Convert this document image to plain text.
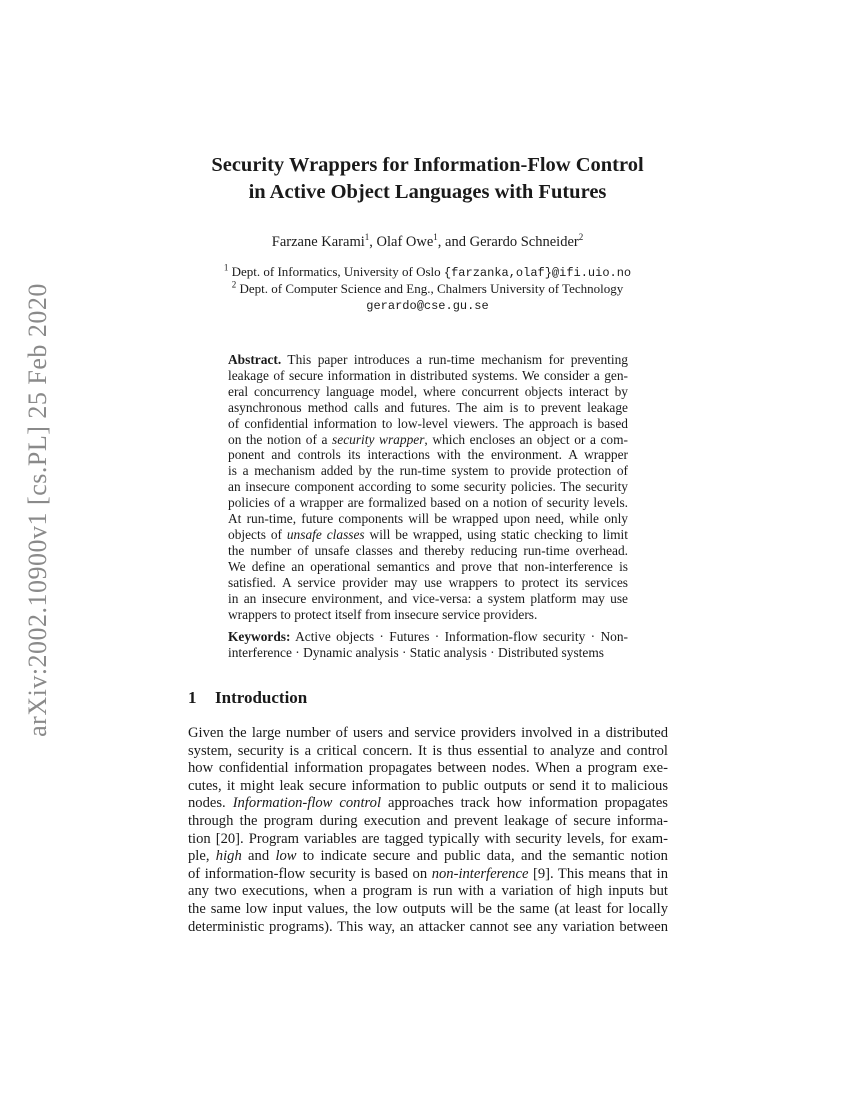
arXiv:2002.10900v1 [cs.PL] 25 Feb 2020
Security Wrappers for Information-Flow Control
in Active Object Languages with Futures
Farzane Karami$^1$, Olaf Owe$^1$, and Gerardo Schneider$^2$
$^1$ Dept. of Informatics, University of Oslo {farzanka,olaf}@ifi.uio.no
$^2$ Dept. of Computer Science and Eng., Chalmers University of Technology
gerardo@cse.gu.se
Abstract. This paper introduces a run-time mechanism for preventing
leakage of secure information in distributed systems. We consider a gen-
eral concurrency language model, where concurrent objects interact by
asynchronous method calls and futures. The aim is to prevent leakage
of confidential information to low-level viewers. The approach is based
on the notion of a security wrapper, which encloses an object or a com-
ponent and controls its interactions with the environment. A wrapper
is a mechanism added by the run-time system to provide protection of
an insecure component according to some security policies. The security
policies of a wrapper are formalized based on a notion of security levels.
At run-time, future components will be wrapped upon need, while only
objects of unsafe classes will be wrapped, using static checking to limit
the number of unsafe classes and thereby reducing run-time overhead.
We define an operational semantics and prove that non-interference is
satisfied. A service provider may use wrappers to protect its services
in an insecure environment, and vice-versa: a system platform may use
wrappers to protect itself from insecure service providers.
Keywords: Active objects · Futures · Information-flow security · Non-
interference · Dynamic analysis · Static analysis · Distributed systems
1 Introduction
Given the large number of users and service providers involved in a distributed
system, security is a critical concern. It is thus essential to analyze and control
how confidential information propagates between nodes. When a program exe-
cutes, it might leak secure information to public outputs or send it to malicious
nodes. Information-flow control approaches track how information propagates
through the program during execution and prevent leakage of secure informa-
tion [20]. Program variables are tagged typically with security levels, for exam-
ple, high and low to indicate secure and public data, and the semantic notion
of information-flow security is based on non-interference [9]. This means that in
any two executions, when a program is run with a variation of high inputs but
the same low input values, the low outputs will be the same (at least for locally
deterministic programs). This way, an attacker cannot see any variation between
